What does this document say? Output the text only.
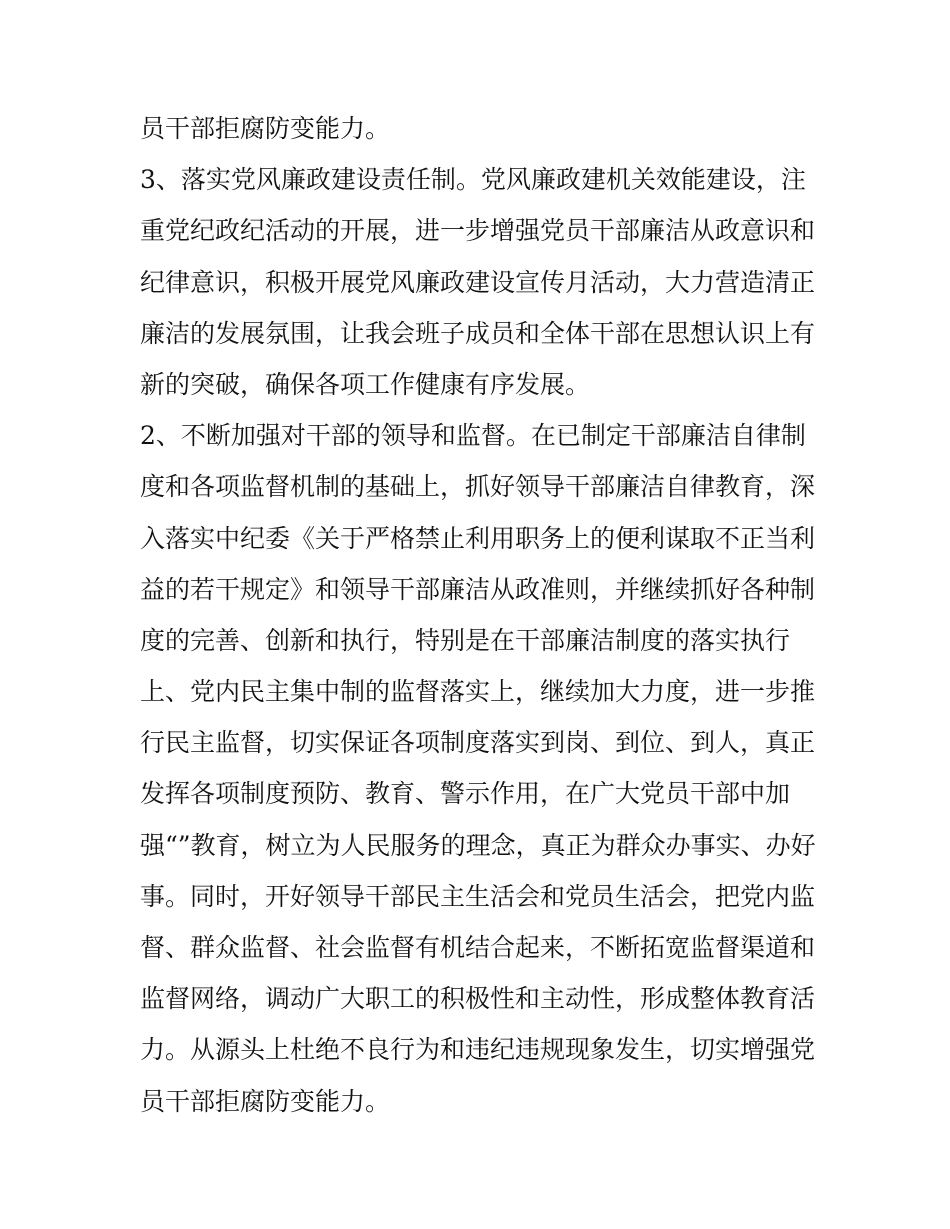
员干部拒腐防变能力。
3、落实党风廉政建设责任制。党风廉政建机关效能建设，注
重党纪政纪活动的开展，进一步增强党员干部廉洁从政意识和
纪律意识，积极开展党风廉政建设宣传月活动，大力营造清正
廉洁的发展氛围，让我会班子成员和全体干部在思想认识上有
新的突破，确保各项工作健康有序发展。
2、不断加强对干部的领导和监督。在已制定干部廉洁自律制
度和各项监督机制的基础上，抓好领导干部廉洁自律教育，深
入落实中纪委《关于严格禁止利用职务上的便利谋取不正当利
益的若干规定》和领导干部廉洁从政准则，并继续抓好各种制
度的完善、创新和执行，特别是在干部廉洁制度的落实执行
上、党内民主集中制的监督落实上，继续加大力度，进一步推
行民主监督，切实保证各项制度落实到岗、到位、到人，真正
发挥各项制度预防、教育、警示作用，在广大党员干部中加
强“”教育，树立为人民服务的理念，真正为群众办事实、办好
事。同时，开好领导干部民主生活会和党员生活会，把党内监
督、群众监督、社会监督有机结合起来，不断拓宽监督渠道和
监督网络，调动广大职工的积极性和主动性，形成整体教育活
力。从源头上杜绝不良行为和违纪违规现象发生，切实增强党
员干部拒腐防变能力。
